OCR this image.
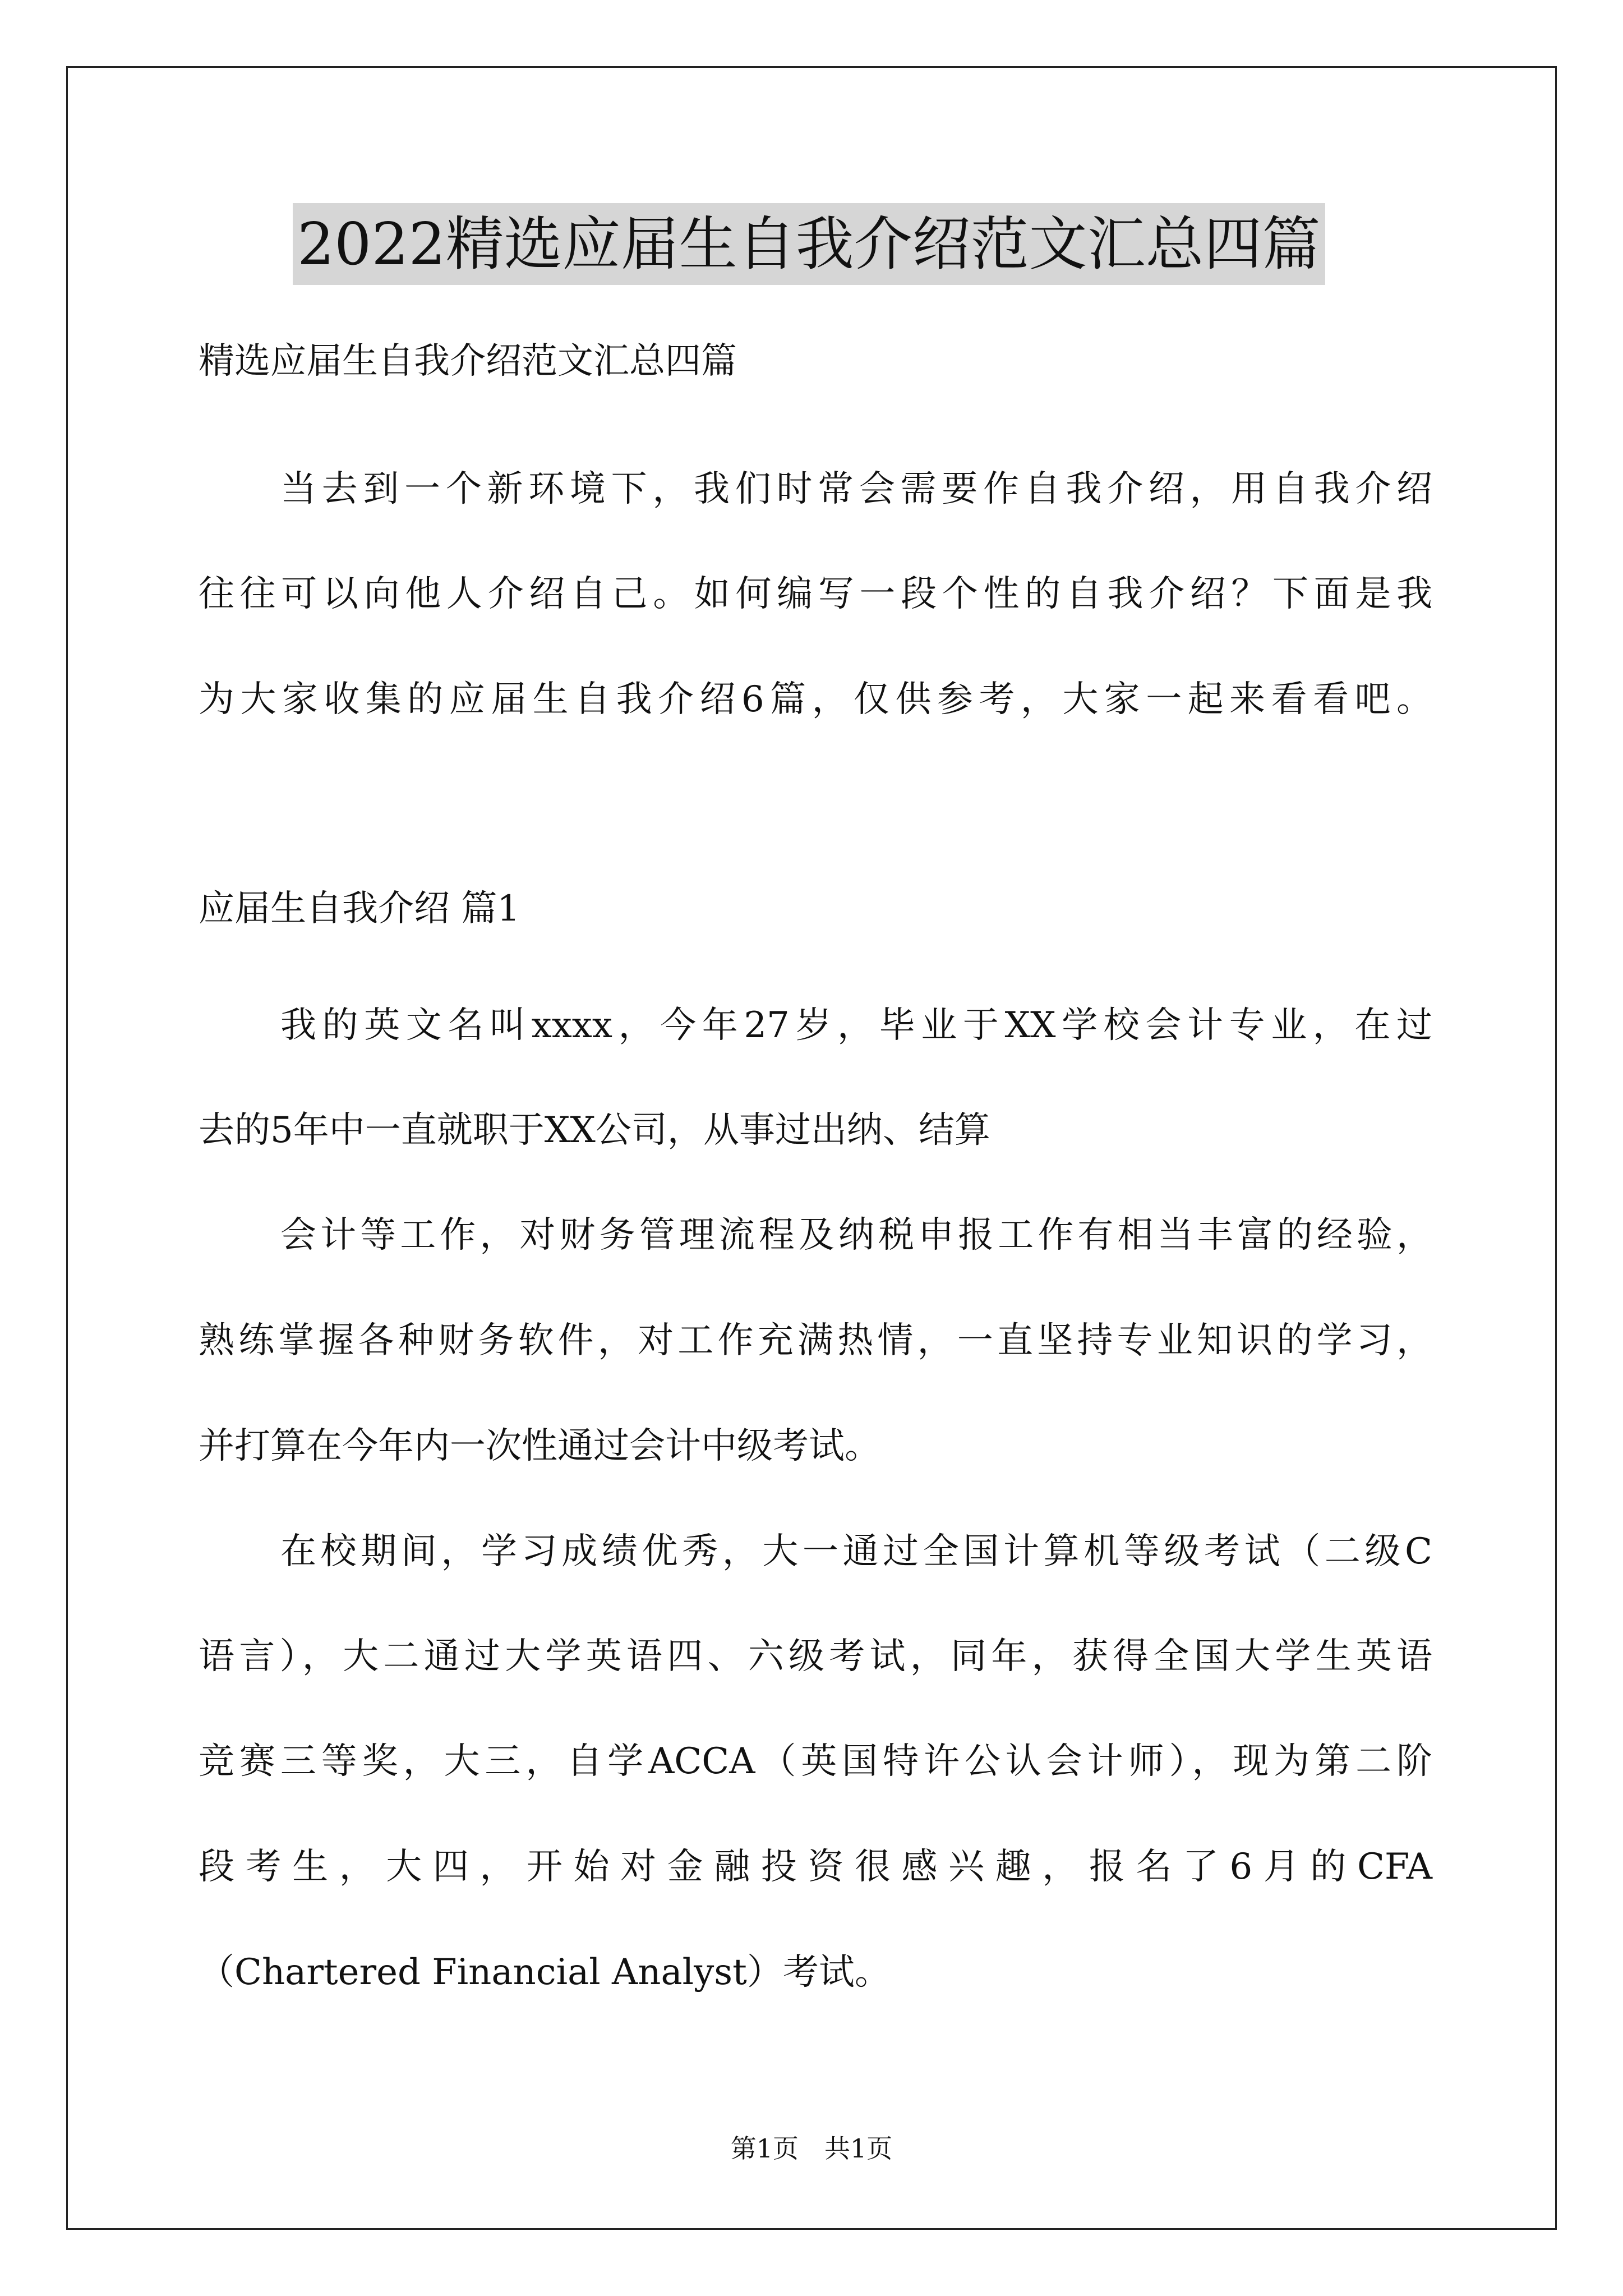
2022精选应届生自我介绍范文汇总四篇

精选应届生自我介绍范文汇总四篇

当去到一个新环境下，我们时常会需要作自我介绍，用自我介绍

往往可以向他人介绍自己。如何编写一段个性的自我介绍？下面是我

为大家收集的应届生自我介绍6篇，仅供参考，大家一起来看看吧。

应届生自我介绍 篇1

我的英文名叫xxxx，今年27岁，毕业于XX学校会计专业，在过

去的5年中一直就职于XX公司，从事过出纳、结算

会计等工作，对财务管理流程及纳税申报工作有相当丰富的经验，

熟练掌握各种财务软件，对工作充满热情，一直坚持专业知识的学习，

并打算在今年内一次性通过会计中级考试。

在校期间，学习成绩优秀，大一通过全国计算机等级考试（二级C

语言），大二通过大学英语四、六级考试，同年，获得全国大学生英语

竞赛三等奖，大三，自学ACCA（英国特许公认会计师），现为第二阶

段考生，大四，开始对金融投资很感兴趣，报名了6月的CFA

（Chartered Financial Analyst）考试。

第1页　共1页
